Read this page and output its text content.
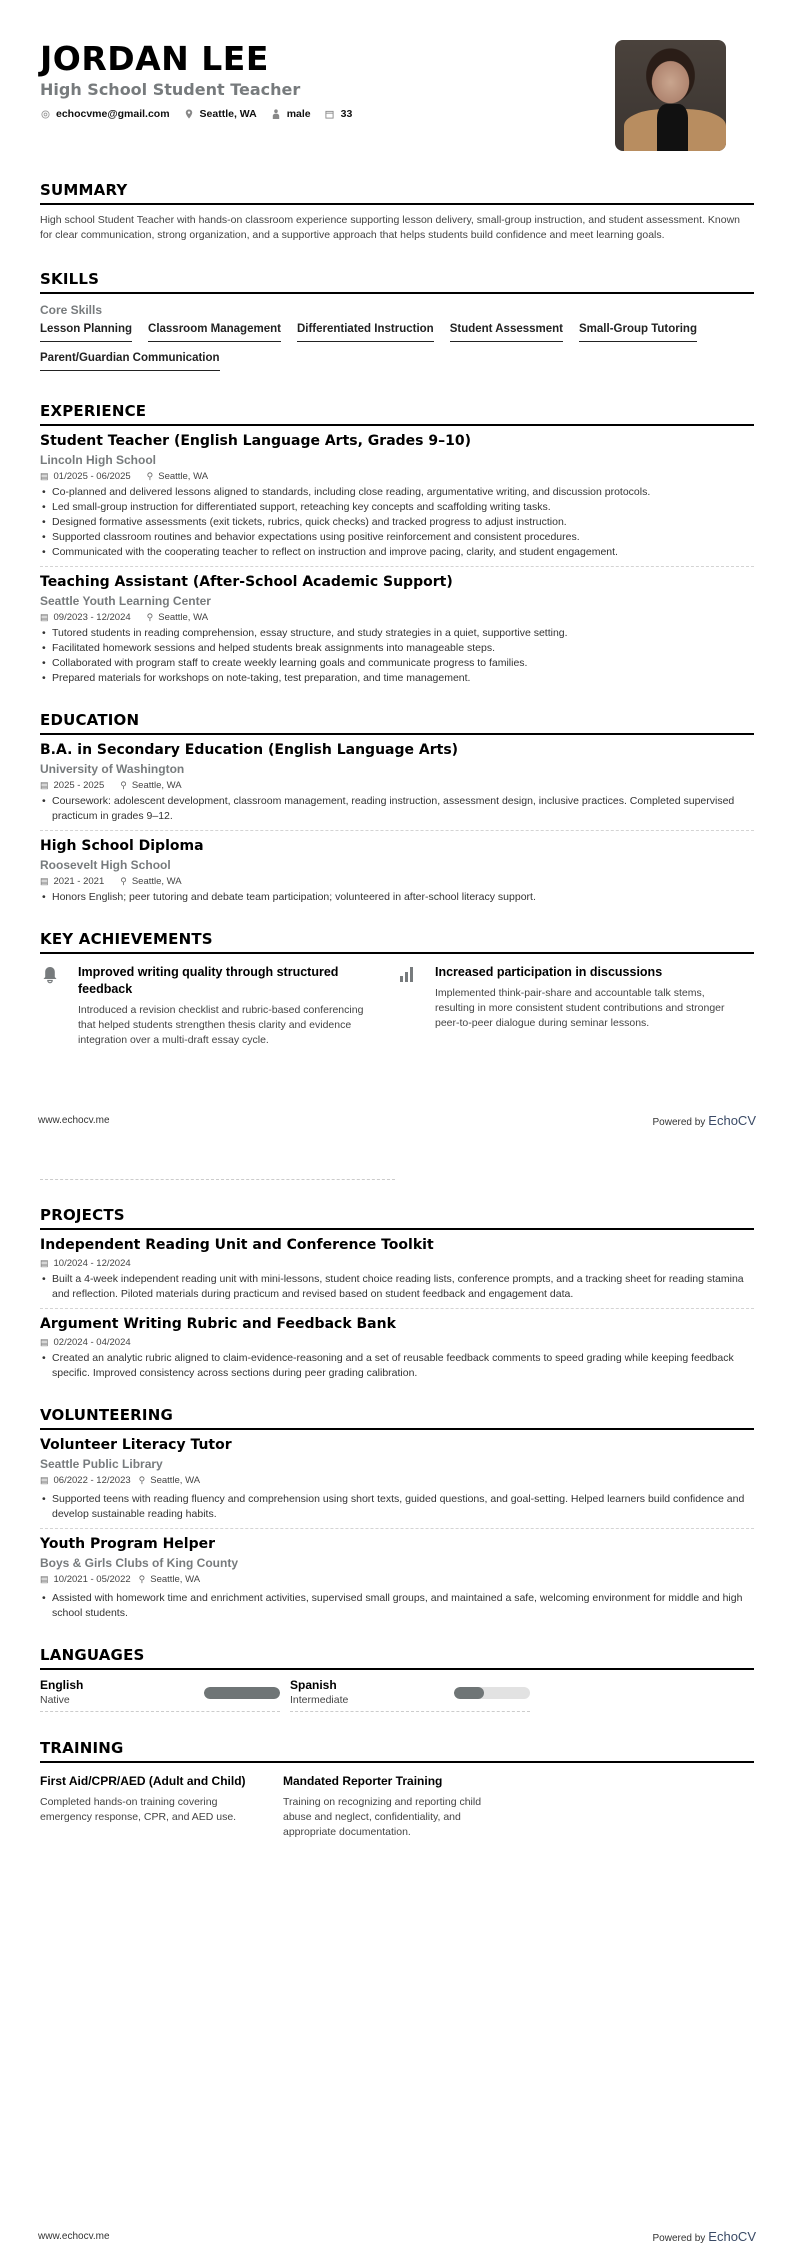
JORDAN LEE
High School Student Teacher
echocvme@gmail.com	Seattle, WA	male	33
SUMMARY
High school Student Teacher with hands-on classroom experience supporting lesson delivery, small-group instruction, and student assessment. Known for clear communication, strong organization, and a supportive approach that helps students build confidence and meet learning goals.
SKILLS
Core Skills
Lesson Planning Classroom Management Differentiated Instruction Student Assessment Small-Group Tutoring
Parent/Guardian Communication
EXPERIENCE
Student Teacher (English Language Arts, Grades 9–10)
Lincoln High School
▤ 01/2025 - 06/2025 ⚲ Seattle, WA
• Co-planned and delivered lessons aligned to standards, including close reading, argumentative writing, and discussion protocols.
• Led small-group instruction for differentiated support, reteaching key concepts and scaffolding writing tasks.
• Designed formative assessments (exit tickets, rubrics, quick checks) and tracked progress to adjust instruction.
• Supported classroom routines and behavior expectations using positive reinforcement and consistent procedures.
• Communicated with the cooperating teacher to reflect on instruction and improve pacing, clarity, and student engagement.
Teaching Assistant (After-School Academic Support)
Seattle Youth Learning Center
▤ 09/2023 - 12/2024 ⚲ Seattle, WA
• Tutored students in reading comprehension, essay structure, and study strategies in a quiet, supportive setting.
• Facilitated homework sessions and helped students break assignments into manageable steps.
• Collaborated with program staff to create weekly learning goals and communicate progress to families.
• Prepared materials for workshops on note-taking, test preparation, and time management.
EDUCATION
B.A. in Secondary Education (English Language Arts)
University of Washington
▤ 2025 - 2025 ⚲ Seattle, WA
• Coursework: adolescent development, classroom management, reading instruction, assessment design, inclusive practices. Completed supervised practicum in grades 9–12.
High School Diploma
Roosevelt High School
▤ 2021 - 2021 ⚲ Seattle, WA
• Honors English; peer tutoring and debate team participation; volunteered in after-school literacy support.
KEY ACHIEVEMENTS
Improved writing quality through structured feedback
Introduced a revision checklist and rubric-based conferencing that helped students strengthen thesis clarity and evidence integration over a multi-draft essay cycle.
Increased participation in discussions
Implemented think-pair-share and accountable talk stems, resulting in more consistent student contributions and stronger peer-to-peer dialogue during seminar lessons.
www.echocv.me	Powered by EchoCV
PROJECTS
Independent Reading Unit and Conference Toolkit
▤ 10/2024 - 12/2024
• Built a 4-week independent reading unit with mini-lessons, student choice reading lists, conference prompts, and a tracking sheet for reading stamina and reflection. Piloted materials during practicum and revised based on student feedback and engagement data.
Argument Writing Rubric and Feedback Bank
▤ 02/2024 - 04/2024
• Created an analytic rubric aligned to claim-evidence-reasoning and a set of reusable feedback comments to speed grading while keeping feedback specific. Improved consistency across sections during peer grading calibration.
VOLUNTEERING
Volunteer Literacy Tutor
Seattle Public Library
▤ 06/2022 - 12/2023 ⚲ Seattle, WA
• Supported teens with reading fluency and comprehension using short texts, guided questions, and goal-setting. Helped learners build confidence and develop sustainable reading habits.
Youth Program Helper
Boys & Girls Clubs of King County
▤ 10/2021 - 05/2022 ⚲ Seattle, WA
• Assisted with homework time and enrichment activities, supervised small groups, and maintained a safe, welcoming environment for middle and high school students.
LANGUAGES
English
Native
Spanish
Intermediate
TRAINING
First Aid/CPR/AED (Adult and Child)
Completed hands-on training covering emergency response, CPR, and AED use.
Mandated Reporter Training
Training on recognizing and reporting child abuse and neglect, confidentiality, and appropriate documentation.
www.echocv.me	Powered by EchoCV
